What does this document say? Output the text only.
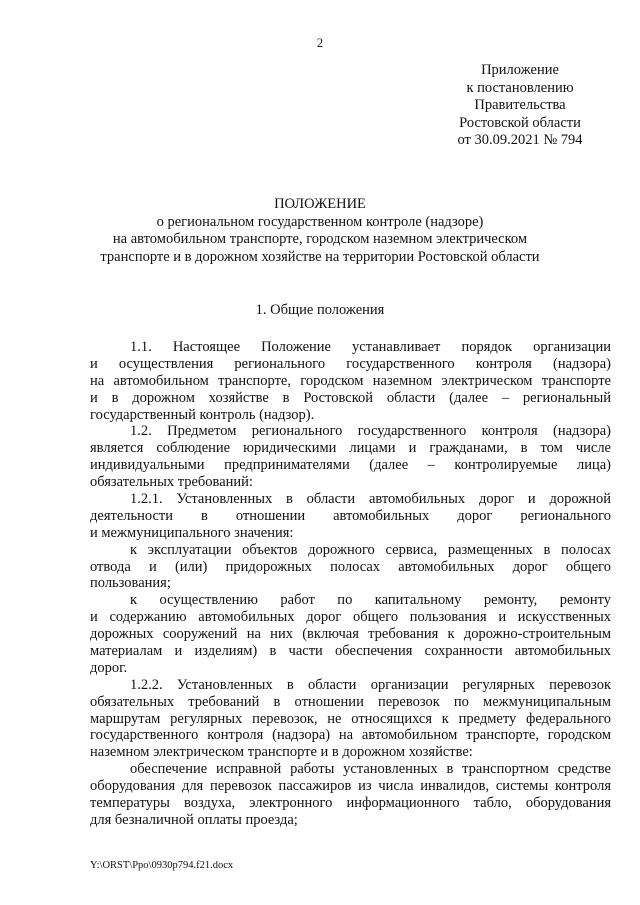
2
Приложение
к постановлению
Правительства
Ростовской области
от 30.09.2021 № 794
ПОЛОЖЕНИЕ
о региональном государственном контроле (надзоре)
на автомобильном транспорте, городском наземном электрическом
транспорте и в дорожном хозяйстве на территории Ростовской области
1. Общие положения
1.1. Настоящее Положение устанавливает порядок организации
и осуществления регионального государственного контроля (надзора)
на автомобильном транспорте, городском наземном электрическом транспорте
и в дорожном хозяйстве в Ростовской области (далее – региональный
государственный контроль (надзор).
1.2. Предметом регионального государственного контроля (надзора)
является соблюдение юридическими лицами и гражданами, в том числе
индивидуальными предпринимателями (далее – контролируемые лица)
обязательных требований:
1.2.1. Установленных в области автомобильных дорог и дорожной
деятельности в отношении автомобильных дорог регионального
и межмуниципального значения:
к эксплуатации объектов дорожного сервиса, размещенных в полосах
отвода и (или) придорожных полосах автомобильных дорог общего
пользования;
к осуществлению работ по капитальному ремонту, ремонту
и содержанию автомобильных дорог общего пользования и искусственных
дорожных сооружений на них (включая требования к дорожно-строительным
материалам и изделиям) в части обеспечения сохранности автомобильных
дорог.
1.2.2. Установленных в области организации регулярных перевозок
обязательных требований в отношении перевозок по межмуниципальным
маршрутам регулярных перевозок, не относящихся к предмету федерального
государственного контроля (надзора) на автомобильном транспорте, городском
наземном электрическом транспорте и в дорожном хозяйстве:
обеспечение исправной работы установленных в транспортном средстве
оборудования для перевозок пассажиров из числа инвалидов, системы контроля
температуры воздуха, электронного информационного табло, оборудования
для безналичной оплаты проезда;
Y:\ORST\Ppo\0930p794.f21.docx
